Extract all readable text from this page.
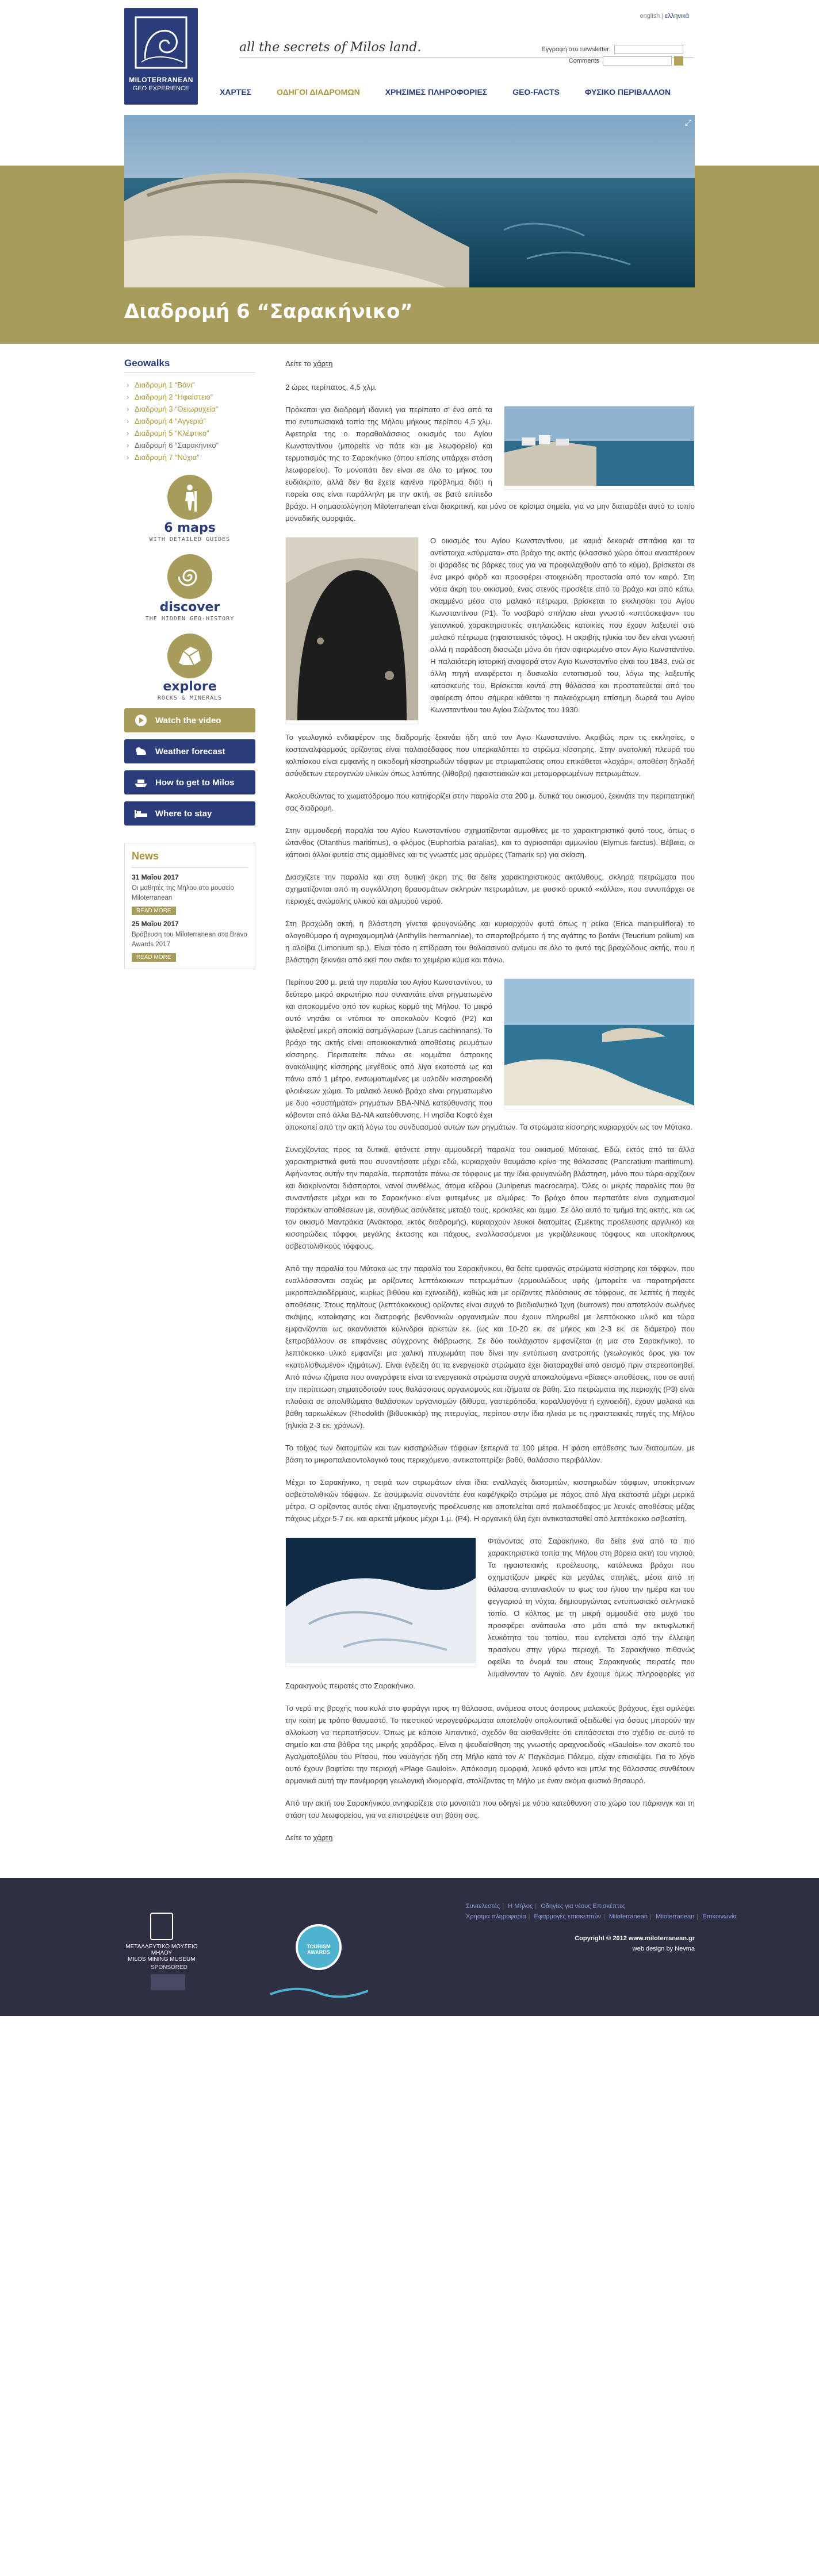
MILOTERRANEAN
GEO EXPERIENCE
all the secrets of Milos land.
english | ελληνικά
Εγγραφή στο newsletter:
Comments
ΧΑΡΤΕΣ	ΟΔΗΓΟΙ ΔΙΑΔΡΟΜΩΝ	ΧΡΗΣΙΜΕΣ ΠΛΗΡΟΦΟΡΙΕΣ	GEO-FACTS	ΦΥΣΙΚΟ ΠΕΡΙΒΑΛΛΟΝ
⤢
Διαδρομή 6 “Σαρακήνικο”
Geowalks
› Διαδρομή 1 “Βάνι”
› Διαδρομή 2 “Ηφαίστειο”
› Διαδρομή 3 “Θειωρυχεία”
› Διαδρομή 4 “Αγγεριά”
› Διαδρομή 5 “Κλέφτικο”
› Διαδρομή 6 “Σαρακήνικο”
› Διαδρομή 7 “Νύχια”
6 maps
WITH DETAILED GUIDES
discover
THE HIDDEN GEO-HISTORY
explore
ROCKS & MINERALS
Watch the video
Weather forecast
How to get to Milos
Where to stay
News
31 Μαΐου 2017
Οι μαθητές της Μήλου στο μουσείο Miloterranean
READ MORE
25 Μαΐου 2017
Βράβευση του Miloterranean στα Bravo Awards 2017
READ MORE

Δείτε το χάρτη

2 ώρες περίπατος, 4,5 χλμ.

Πρόκειται για διαδρομή ιδανική για περίπατο σ' ένα από τα πιο εντυπωσιακά τοπία της Μήλου μήκους περίπου 4,5 χλμ. Αφετηρία της ο παραθαλάσσιος οικισμός του Αγίου Κωνσταντίνου (μπορείτε να πάτε και με λεωφορείο) και τερματισμός της το Σαρακήνικο (όπου επίσης υπάρχει στάση λεωφορείου). Το μονοπάτι δεν είναι σε όλο το μήκος του ευδιάκριτο, αλλά δεν θα έχετε κανένα πρόβλημα διότι η πορεία σας είναι παράλληλη με την ακτή, σε βατό επίπεδο βράχο. Η σημασιολόγηση Miloterranean είναι διακριτική, και μόνο σε κρίσιμα σημεία, για να μην διαταράξει αυτό το τοπίο μοναδικής ομορφιάς.

Ο οικισμός του Αγίου Κωνσταντίνου, με καμιά δεκαριά σπιτάκια και τα αντίστοιχα «σύρματα» στο βράχο της ακτής (κλασσικό χώρο όπου αναστέρουν οι ψαράδες τις βάρκες τους για να προφυλαχθούν από το κύμα), βρίσκεται σε ένα μικρό φιόρδ και προσφέρει στοιχειώδη προστασία από τον καιρό. Στη νότια άκρη του οικισμού, ένας στενός προσέξτε από το βράχο και από κάτω, σκαμμένο μέσα στο μαλακό πέτρωμα, βρίσκεται το εκκλησάκι του Αγίου Κωνσταντίνου (Ρ1). Το νοσβαρό σπήλαιο είναι γνωστό «υπτόσκεψαν» του γειτονικού χαρακτηριστικές σπηλαιώδεις κατοικίες που έχουν λαξευτεί στο μαλακό πέτρωμα (ηφαιστειακός τόφος). Η ακριβής ηλικία του δεν είναι γνωστή αλλά η παράδοση διασώζει μόνο ότι ήταν αφιερωμένο στον Αγιο Κωνσταντίνο. Η παλαιότερη ιστορική αναφορά στον Αγιο Κωνσταντίνο είναι του 1843, ενώ σε άλλη πηγή αναφέρεται η δυσκολία εντοπισμού του, λόγω της λαξευτής κατασκευής του. Βρίσκεται κοντά στη θάλασσα και προστατεύεται από του αφαίρεση όπου σήμερα κάθεται η παλαιόχρωμη επίσημη δωρεά του Αγίου Κωνσταντίνου του Αγίου Σώζοντος του 1930.

Το γεωλογικό ενδιαφέρον της διαδρομής ξεκινάει ήδη από τον Αγιο Κωνσταντίνο. Ακριβώς πριν τις εκκλησίες, ο κοσταναλφαρμούς ορίζοντας είναι παλαιοέδαφος που υπερκαλύπτει το στρώμα κίσσηρης. Στην ανατολική πλευρά του κολπίσκου είναι εμφανής η οικοδομή κίσσηρωδών τόφφων με στρωματώσεις οπου επικάθεται «λαχάρ», αποθέση δηλαδή ασύνδετων ετερογενών υλικών όπως λατύπης (λίθοβρι) ηφαιστειακών και μεταμορφωμένων πετρωμάτων.

Ακολουθώντας το χωματόδρομο που κατηφορίζει στην παραλία στα 200 μ. δυτικά του οικισμού, ξεκινάτε την περιπατητική σας διαδρομή.

Στην αμμουδερή παραλία του Αγίου Κωνσταντίνου σχηματίζονται αμμοθίνες με το χαρακτηριστικό φυτό τους, όπως ο ώτανθος (Otanthus maritimus), ο φλόμος (Euphorbia paralias), και το αγριοσιτάρι αμμωνίου (Elymus farctus). Βέβαια, οι κάποιοι άλλοι φυτεία στις αμμοθίνες και τις γνωστές μας αρμύρες (Tamarix sp) για σκίαση.

Διασχίζετε την παραλία και στη δυτική άκρη της θα δείτε χαρακτηριστικούς ακτόλιθους, σκληρά πετρώματα που σχηματίζονται από τη συγκόλληση θραυσμάτων σκληρών πετρωμάτων, με φυσικό ορυκτό «κόλλα», που συνυπάρχει σε περιοχές ανώμαλης υλικού και αλμυρού νερού.

Στη βραχώδη ακτή, η βλάστηση γίνεται φρυγανώδης και κυριαρχούν φυτά όπως η ρείκα (Erica manipuliflora) το αλογοθύμαρο ή αγριοχαμομηλιά (Anthyllis hermanniae), το σπαρτοβρόμετο ή της αγάπης το βοτάνι (Teucrium polium) και η αλοίβα (Limonium sp.). Είναι τόσο η επίδραση του θαλασσινού ανέμου σε όλο το φυτό της βραχώδους ακτής, που η βλάστηση ξεκινάει από εκεί που σκάει το χειμέριο κύμα και πάνω.

Περίπου 200 μ. μετά την παραλία του Αγίου Κωνσταντίνου, το δεύτερο μικρό ακρωτήριο που συναντάτε είναι ρηγματωμένο και αποκομμένο από τον κυρίως κορμό της Μήλου. Το μικρό αυτό νησάκι οι ντόπιοι το αποκαλούν Κοφτό (Ρ2) και φιλοξενεί μικρή αποικία ασημόγλαρων (Larus cachinnans). Το βράχο της ακτής είναι αποικιοκαντικά αποθέσεις ρευμάτων κίσσηρης. Περιπατείτε πάνω σε κομμάτια όστρακης ανακάλυψης κίσσηρης μεγέθους από λίγα εκατοστά ως και πάνω από 1 μέτρο, ενσωματωμένες με υαλοδίν κισσηροειδή φλοιέκεων χώμα. Το μαλακό λευκό βράχο είναι ρηγματωμένο με δυο «συστήματα» ρηγμάτων ΒΒΑ-ΝΝΔ κατεύθυνσης που κόβονται από άλλα ΒΔ-ΝΑ κατεύθυνσης. Η νησίδα Κοφτό έχει αποκοπεί από την ακτή λόγω του συνδυασμού αυτών των ρηγμάτων. Τα στρώματα κίσσηρης κυριαρχούν ως τον Μύτακα.

Συνεχίζοντας προς τα δυτικά, φτάνετε στην αμμουδερή παραλία του οικισμού Μύτακας. Εδώ, εκτός από τα άλλα χαρακτηριστικά φυτά που συναντήσατε μέχρι εδώ, κυριαρχούν θαυμάσιο κρίνο της θάλασσας (Pancratium maritimum). Αφήνοντας αυτήν την παραλία, περπατάτε πάνω σε τόφφους με την ίδια φρυγανώδη βλάστηση, μόνο που τώρα αρχίζουν και διακρίνονται διάσπαρτοι, νανοί συνθέλως, άτομα κέδρου (Juniperus macrocarpa). Όλες οι μικρές παραλίες που θα συναντήσετε μέχρι και το Σαρακήνικο είναι φυτεμένες με αλμύρες. Το βράχο όπου περπατάτε είναι σχηματισμοί παράκτιων αποθέσεων με, συνήθως ασύνδετες μεταξύ τους, κροκάλες και άμμο. Σε όλο αυτό το τμήμα της ακτής, και ως τον οικισμό Μαντράκια (Ανάκτορα, εκτός διαδρομής), κυριαρχούν λευκοί διατομίτες (Σμέκτης προέλευσης αργιλικό) και κισσηρώδεις τόφφοι, μεγάλης έκτασης και πάχους, εναλλασσόμενοι με γκριζόλευκους τόφφους και υποκίτρινους οσβεστολιθικούς τόφφους.

Από την παραλία του Μύτακα ως την παραλία του Σαρακήνικου, θα δείτε εμφανώς στρώματα κίσσηρης και τόφφων, που εναλλάσσονται σαχώς με ορίζοντες λεπτόκοκκων πετρωμάτων (ερμουλώδους υφής (μπορείτε να παρατηρήσετε μικροπαλαιοδέρμους, κυρίως βιθύου και εχινοειδή), καθώς και με ορίζοντες πλούσιους σε τόφφους, σε λεπτές ή παχιές αποθέσεις. Στους πηλίτους (λεπτόκοκκους) ορίζοντες είναι συχνό το βιοδιαλυτικό Ίχνη (burrows) που αποτελούν σωλήνες σκάψης, κατοίκησης και διατροφής βενθονικών οργανισμών που έχουν πληρωθεί με λεπτόκοκκο υλικό και τώρα εμφανίζονται ως ακανόνιστοι κύλινδροι αρκετών εκ. (ως και 10-20 εκ. σε μήκος και 2-3 εκ. σε διάμετρο) που ξεπροβάλλουν σε επιφάνειες σύγχρονης διάβρωσης. Σε δύο τουλάχιστον εμφανίζεται (η μια στο Σαρακήνικο), το λεπτόκοκκο υλικό εμφανίζει μια χαλική πτυχωμάτη που δίνει την εντύπωση ανατροπής (γεωλογικός όρος για τον «κατολίσθωμένο» ιζημάτων). Είναι ένδειξη ότι τα ενεργειακά στρώματα έχει διαταραχθεί από σεισμό πριν στερεοποιηθεί. Από πάνω ιζήματα που αναγράφετε είναι τα ενεργειακά στρώματα συχνά αποκαλούμενα «βίαιες» αποθέσεις, που σε αυτή την περίπτωση σηματοδοτούν τους θαλάσσιους οργανισμούς και ιζήματα σε βάθη. Στα πετρώματα της περιοχής (Ρ3) είναι πλούσια σε απολιθώματα θαλάσσιων οργανισμών (δίθυρα, γαστερόποδα, κοραλλιογόνα ή εχινοειδή), έχουν μαλακά και βάθη ταρκωλέκων (Rhodolith (βιθυοκικάρ) της πτερυγίας, περίπου στην ίδια ηλικία με τις ηφαιστειακές πηγές της Μήλου (ηλικία 2-3 εκ. χρόνων).

Το τοίχος των διατομιτών και των κισσηρώδων τόφφων ξεπερνά τα 100 μέτρα. Η φάση απόθεσης των διατομιτών, με βάση το μικροπαλαιοντολογικό τους περιεχόμενο, αντικατοπτρίζει βαθύ, θαλάσσιο περιβάλλον.

Μέχρι το Σαρακήνικο, η σειρά των στρωμάτων είναι ίδια: εναλλαγές διατομιτών, κισσηρωδών τόφφων, υποκίτρινων οσβεστολιθικών τόφφων. Σε ασυμφωνία συναντάτε ένα καφέ/γκρίζο στρώμα με πάχος από λίγα εκατοστά μέχρι μερικά μέτρα. Ο ορίζοντας αυτός είναι ιζηματογενής προέλευσης και αποτελείται από παλαιοέδαφος με λευκές αποθέσεις μέζας πάχους μέχρι 5-7 εκ. και αρκετά μήκους μέχρι 1 μ. (Ρ4). Η οργανική ύλη έχει αντικατασταθεί από λεπτόκοκκο οσβεστίτη.

Φτάνοντας στο Σαρακήνικο, θα δείτε ένα από τα πιο χαρακτηριστικά τοπία της Μήλου στη βόρεια ακτή του νησιού. Τα ηφαιστειακής προέλευσης, κατάλευκα βράχοι που σχηματίζουν μικρές και μεγάλες σπηλιές, μέσα από τη θάλασσα αντανακλούν το φως του ήλιου την ημέρα και του φεγγαριού τη νύχτα, δημιουργώντας εντυπωσιακό σεληνιακό τοπίο. Ο κόλπος με τη μικρή αμμουδιά στο μυχό του προσφέρει ανάπαυλα στο μάτι από την εκτυφλωτική λευκότητα του τοπίου, που εντείνεται από την έλλειψη πρασίνου στην γύρω περιοχή. Το Σαρακήνικο πιθανώς οφείλει το όνομά του στους Σαρακηνούς πειρατές που λυμαίνονταν το Αιγαίο. Δεν έχουμε όμως πληροφορίες για Σαρακηνούς πειρατές στο Σαρακήνικο.

Το νερό της βροχής που κυλά στο φαράγγι προς τη θάλασσα, ανάμεσα στους άσπρους μαλακούς βράχους, έχει σμιλέψει την κοίτη με τρόπο θαυμαστό. Το πιεστικού νερογεφύρωματα αποτελούν οπολιουπικά οξειδωθεί για όσους μπορούν την αλλοίωση να περπατήσουν. Όπως με κάποιο λιπαντικό, σχεδόν θα αισθανθείτε ότι επιτάσσεται στο σχέδιο σε αυτό το σημείο και στα βάθρα της μικρής χαράδρας. Είναι η ψευδαίσθηση της γνωστής αραχνοειδούς «Gaulois» τον σκοπό του Αγαλματοξύλου του Ρίτσου, που ναυάγησε ήδη στη Μήλο κατά τον Α' Παγκόσμιο Πόλεμο, είχαν επισκέψει. Για το λόγο αυτό έχουν βαφτίσει την περιοχή «Plage Gaulois». Απόκοσμη ομορφιά, λευκό φόντο και μπλε της θάλασσας συνθέτουν αρμονικά αυτή την πανέμορφη γεωλογική ιδιομορφία, στολίζοντας τη Μήλο με έναν ακόμα φυσικό θησαυρό.

Από την ακτή του Σαρακήνικου ανηφορίζετε στο μονοπάτι που οδηγεί με νότια κατεύθυνση στο χώρο του πάρκινγκ και τη στάση του λεωφορείου, για να επιστρέψετε στη βάση σας.

Δείτε το χάρτη

ΜΕΤΑΛΛΕΥΤΙΚΟ ΜΟΥΣΕΙΟ ΜΗΛΟΥ
MILOS MINING MUSEUM
SPONSORED
TOURISM AWARDS
Συντελεστές | Η Μήλος | Οδηγίες για νέους Επισκέπτες
Χρήσιμα πληροφορία | Εφαρμογές επισκεπτών | Miloterranean | Miloterranean | Επικοινωνία
Copyright © 2012 www.miloterranean.gr
web design by Nevma
